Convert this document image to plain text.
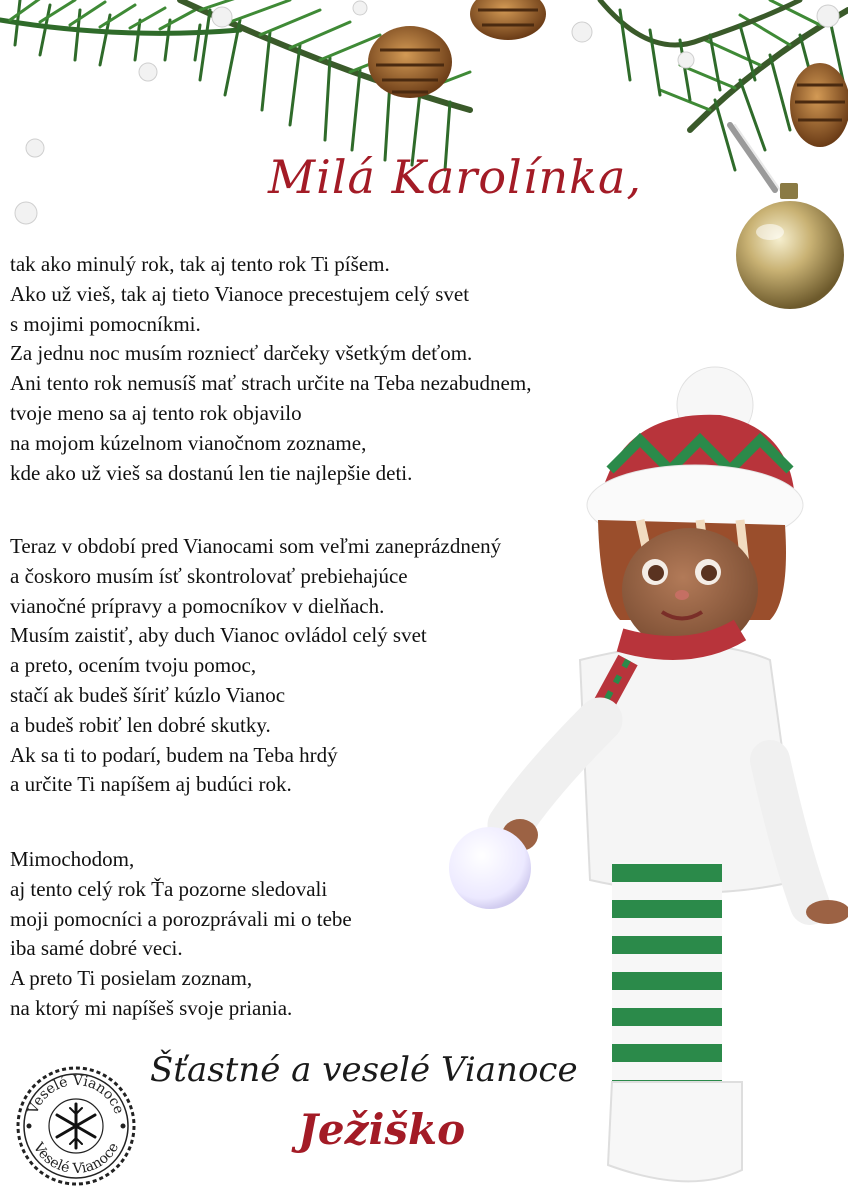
Milá Karolínka,

tak ako minulý rok, tak aj tento rok Ti píšem.
Ako už vieš, tak aj tieto Vianoce precestujem celý svet
s mojimi pomocníkmi.
Za jednu noc musím roznieсť darčeky všetkým deťom.
Ani tento rok nemusíš mať strach určite na Teba nezabudnem,
tvoje meno sa aj tento rok objavilo
na mojom kúzelnom vianočnom zozname,
kde ako už vieš sa dostanú len tie najlepšie deti.

Teraz v období pred Vianocami som veľmi zaneprázdnený
a čoskoro musím ísť skontrolovať prebiehajúce
vianočné prípravy a pomocníkov v dielňach.
Musím zaistiť, aby duch Vianoc ovládol celý svet
a preto, ocením tvoju pomoc,
stačí ak budeš šíriť kúzlo Vianoc
a budeš robiť len dobré skutky.
Ak sa ti to podarí, budem na Teba hrdý
a určite Ti napíšem aj budúci rok.

Mimochodom,
aj tento celý rok Ťa pozorne sledovali
moji pomocníci a porozprávali mi o tebe
iba samé dobré veci.
A preto Ti posielam zoznam,
na ktorý mi napíšeš svoje priania.

Šťastné a veselé Vianoce
Ježiško
Veselé Vianoce
Veselé Vianoce
